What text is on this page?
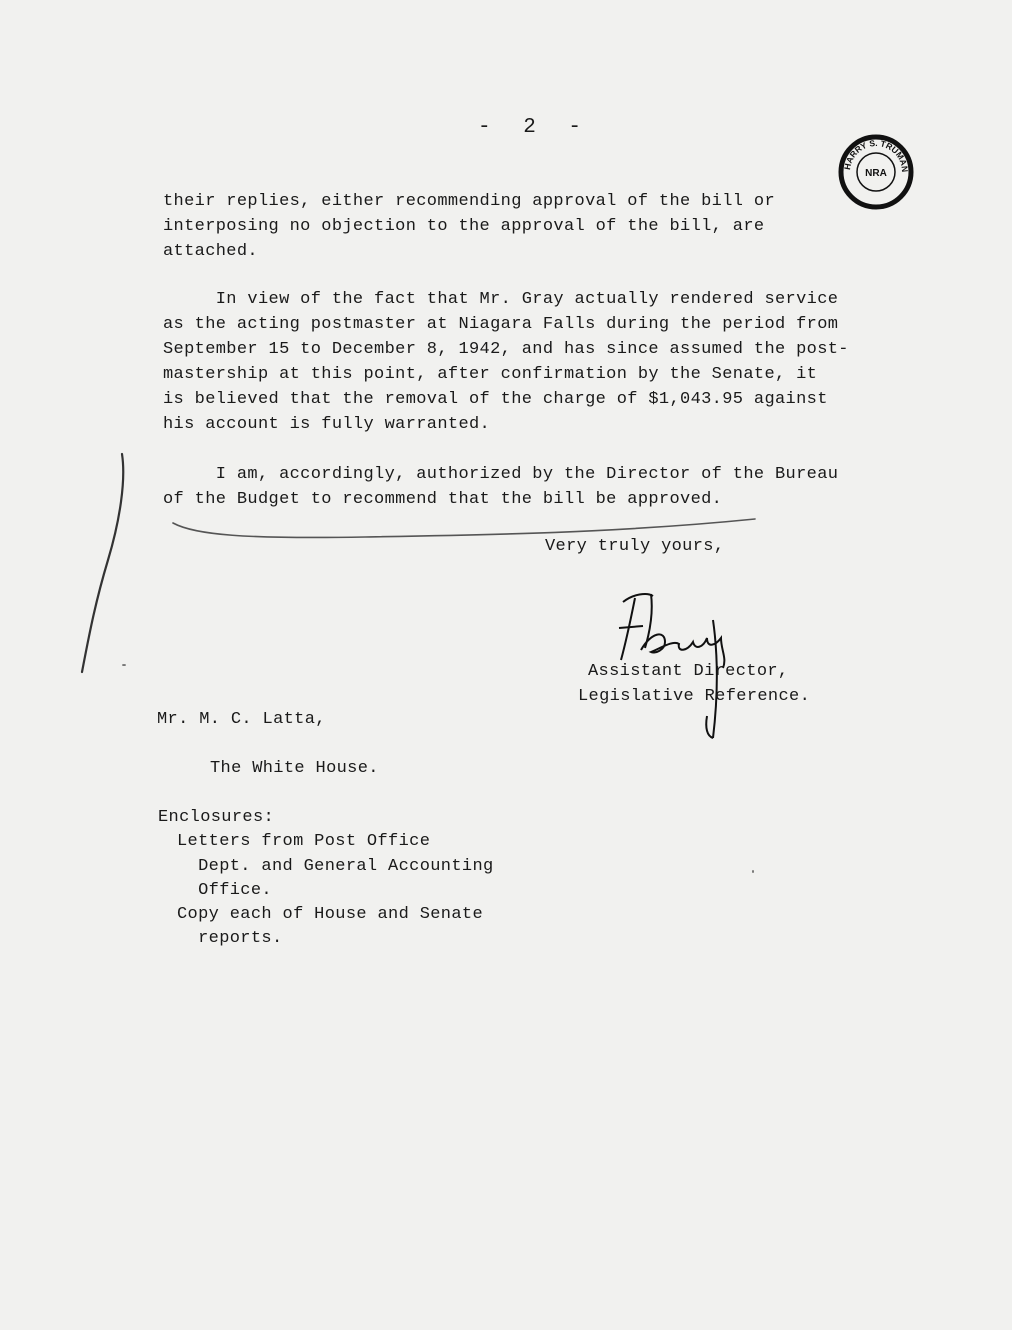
- 2 -
HARRY S. TRUMAN
NRA
their replies, either recommending approval of the bill or
interposing no objection to the approval of the bill, are
attached.
In view of the fact that Mr. Gray actually rendered service
as the acting postmaster at Niagara Falls during the period from
September 15 to December 8, 1942, and has since assumed the post-
mastership at this point, after confirmation by the Senate, it
is believed that the removal of the charge of $1,043.95 against
his account is fully warranted.
I am, accordingly, authorized by the Director of the Bureau
of the Budget to recommend that the bill be approved.
Very truly yours,
Assistant Director,
Legislative Reference.
Mr. M. C. Latta,
The White House.
Enclosures:
Letters from Post Office
Dept. and General Accounting
Office.
Copy each of House and Senate
reports.
